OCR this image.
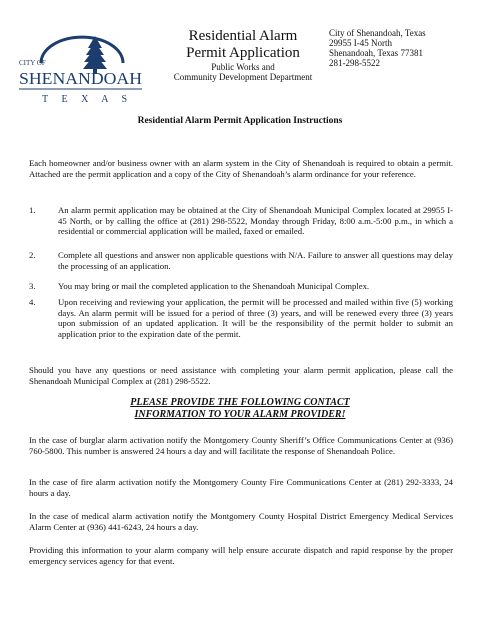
CITY OF
SHENANDOAH
T E X A S
Residential Alarm
Permit Application
Public Works and
Community Development Department
City of Shenandoah, Texas
29955 I-45 North
Shenandoah, Texas 77381
281-298-5522
Residential Alarm Permit Application Instructions

Each homeowner and/or business owner with an alarm system in the City of Shenandoah is required to obtain a permit. Attached are the permit application and a copy of the City of Shenandoah’s alarm ordinance for your reference.

1.	An alarm permit application may be obtained at the City of Shenandoah Municipal Complex located at 29955 I-45 North, or by calling the office at (281) 298-5522, Monday through Friday, 8:00 a.m.-5:00 p.m., in which a residential or commercial application will be mailed, faxed or emailed.
2.	Complete all questions and answer non applicable questions with N/A. Failure to answer all questions may delay the processing of an application.
3.	You may bring or mail the completed application to the Shenandoah Municipal Complex.
4.	Upon receiving and reviewing your application, the permit will be processed and mailed within five (5) working days. An alarm permit will be issued for a period of three (3) years, and will be renewed every three (3) years upon submission of an updated application. It will be the responsibility of the permit holder to submit an application prior to the expiration date of the permit.

Should you have any questions or need assistance with completing your alarm permit application, please call the Shenandoah Municipal Complex at (281) 298-5522.

PLEASE PROVIDE THE FOLLOWING CONTACT
INFORMATION TO YOUR ALARM PROVIDER!

In the case of burglar alarm activation notify the Montgomery County Sheriff’s Office Communications Center at (936) 760-5800. This number is answered 24 hours a day and will facilitate the response of Shenandoah Police.

In the case of fire alarm activation notify the Montgomery County Fire Communications Center at (281) 292-3333, 24 hours a day.

In the case of medical alarm activation notify the Montgomery County Hospital District Emergency Medical Services Alarm Center at (936) 441-6243, 24 hours a day.

Providing this information to your alarm company will help ensure accurate dispatch and rapid response by the proper emergency services agency for that event.
